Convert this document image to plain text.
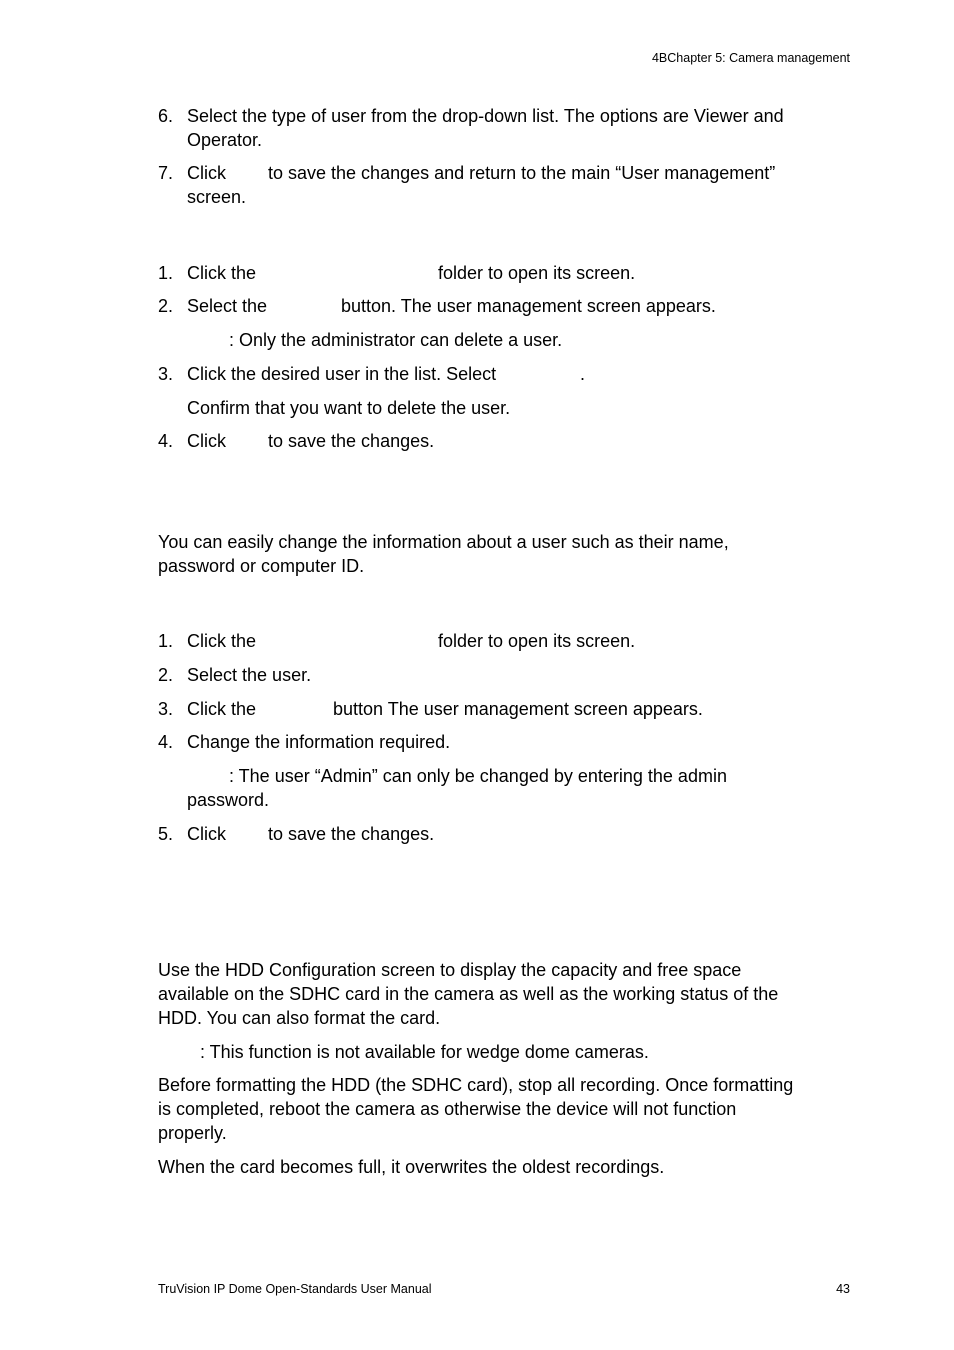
4BChapter 5: Camera management
6. Select the type of user from the drop-down list. The options are Viewer and
Operator.
7. Click to save the changes and return to the main “User management”
screen.
1. Click the	folder to open its screen.
2. Select the	button. The user management screen appears.
: Only the administrator can delete a user.
3. Click the desired user in the list. Select	.
Confirm that you want to delete the user.
4. Click to save the changes.
You can easily change the information about a user such as their name,
password or computer ID.
1. Click the	folder to open its screen.
2. Select the user.
3. Click the	button The user management screen appears.
4. Change the information required.
: The user “Admin” can only be changed by entering the admin
password.
5. Click to save the changes.
Use the HDD Configuration screen to display the capacity and free space
available on the SDHC card in the camera as well as the working status of the
HDD. You can also format the card.
: This function is not available for wedge dome cameras.
Before formatting the HDD (the SDHC card), stop all recording. Once formatting
is completed, reboot the camera as otherwise the device will not function
properly.
When the card becomes full, it overwrites the oldest recordings.
TruVision IP Dome Open-Standards User Manual	43
